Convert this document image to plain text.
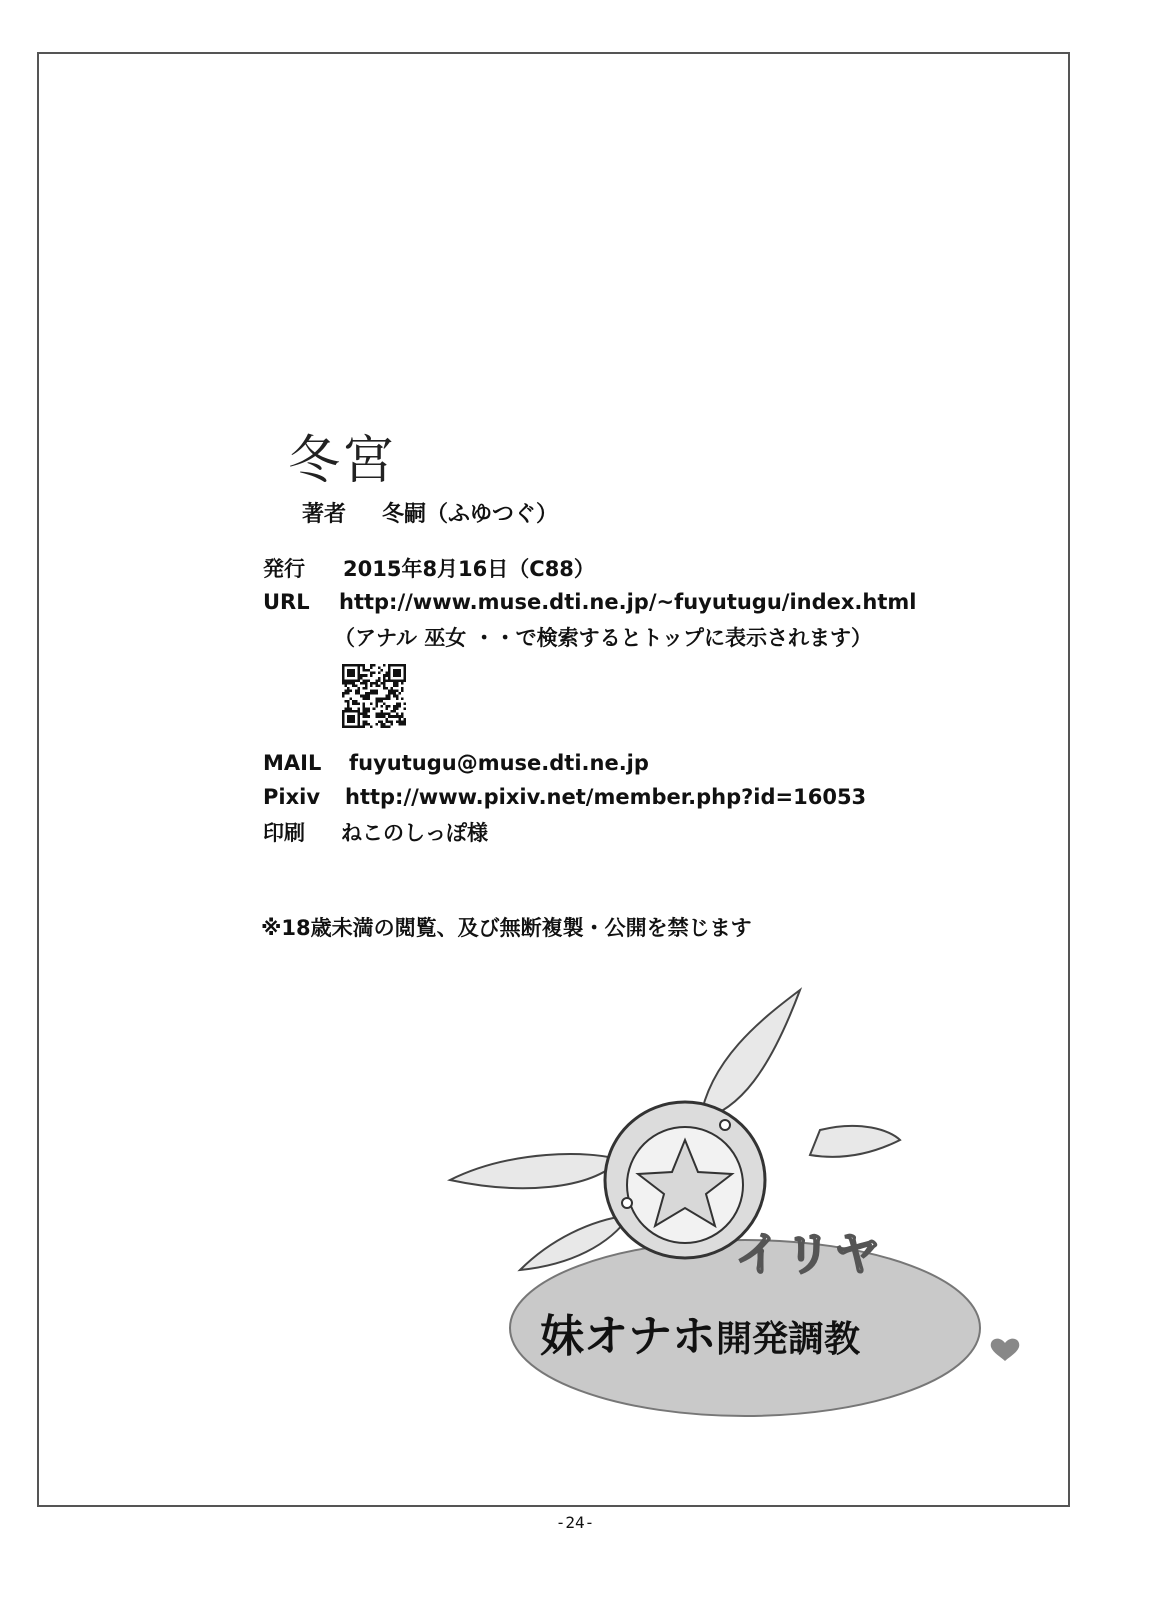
冬宮
著者 冬嗣（ふゆつぐ）
発行 2015年8月16日（C88）
URL http://www.muse.dti.ne.jp/~fuyutugu/index.html
（アナル 巫女 ・・で検索するとトップに表示されます）
MAIL fuyutugu@muse.dti.ne.jp
Pixiv http://www.pixiv.net/member.php?id=16053
印刷 ねこのしっぽ様
※18歳未満の閲覧、及び無断複製・公開を禁じます
イリヤ
妹オナホ開発調教
-24-
